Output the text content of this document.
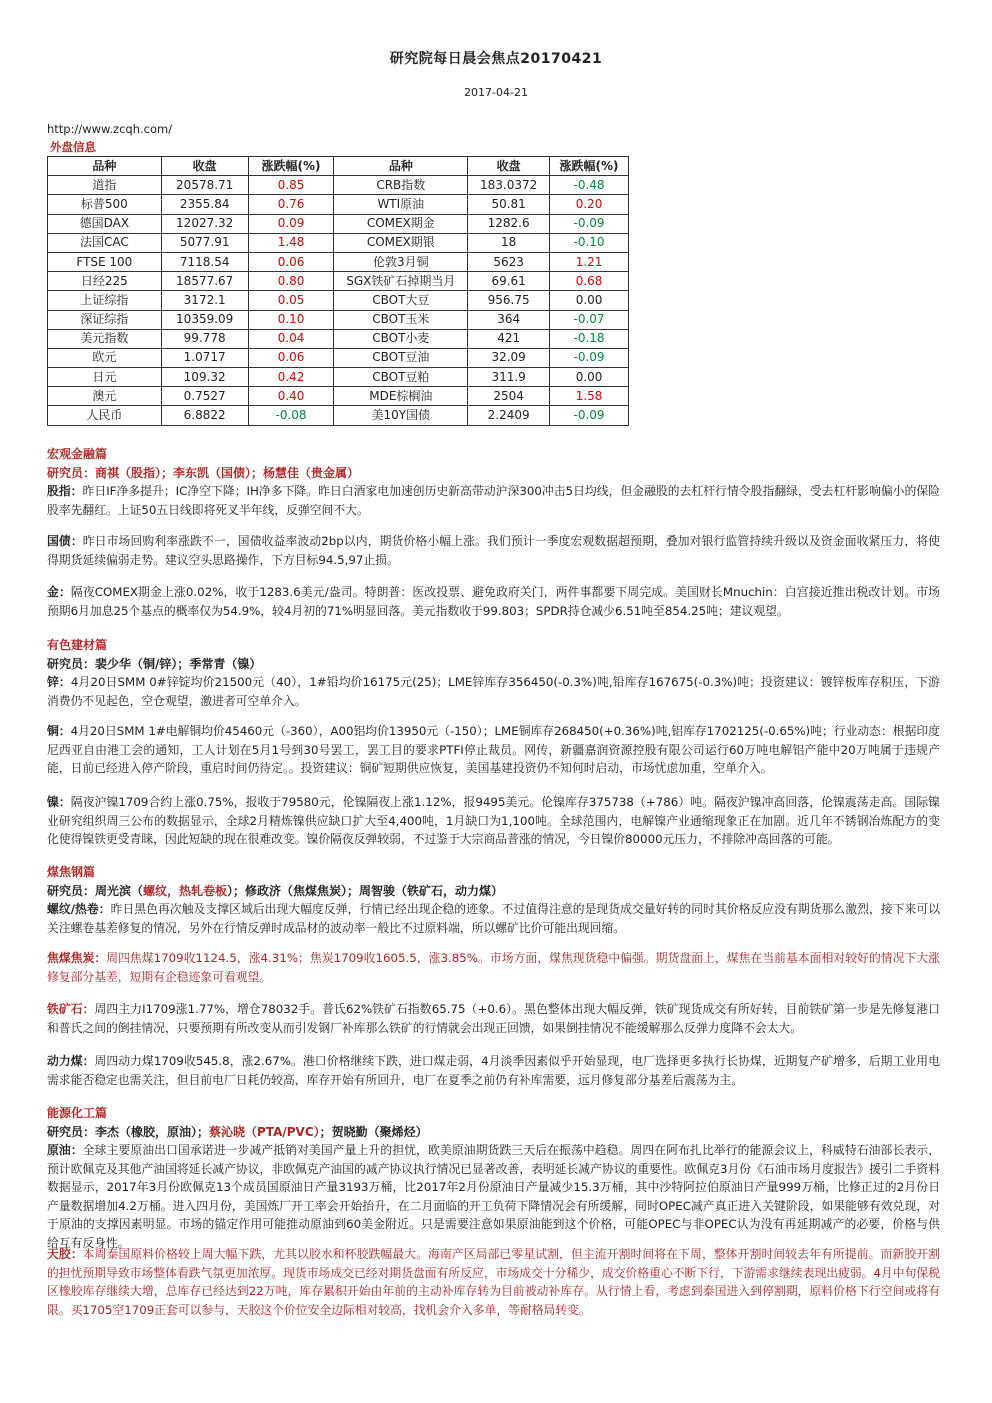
研究院每日晨会焦点20170421
2017-04-21
http://www.zcqh.com/
外盘信息
品种	收盘	涨跌幅(%)	品种	收盘	涨跌幅(%)
道指	20578.71	0.85	CRB指数	183.0372	-0.48
标普500	2355.84	0.76	WTI原油	50.81	0.20
德国DAX	12027.32	0.09	COMEX期金	1282.6	-0.09
法国CAC	5077.91	1.48	COMEX期银	18	-0.10
FTSE 100	7118.54	0.06	伦敦3月铜	5623	1.21
日经225	18577.67	0.80	SGX铁矿石掉期当月	69.61	0.68
上证综指	3172.1	0.05	CBOT大豆	956.75	0.00
深证综指	10359.09	0.10	CBOT玉米	364	-0.07
美元指数	99.778	0.04	CBOT小麦	421	-0.18
欧元	1.0717	0.06	CBOT豆油	32.09	-0.09
日元	109.32	0.42	CBOT豆粕	311.9	0.00
澳元	0.7527	0.40	MDE棕榈油	2504	1.58
人民币	6.8822	-0.08	美10Y国债	2.2409	-0.09
宏观金融篇
研究员：商祺（股指）；李东凯（国债）；杨慧佳（贵金属）
股指：昨日IF净多提升；IC净空下降；IH净多下降。昨日白酒家电加速创历史新高带动沪深300冲击5日均线，但金融股的去杠杆行情令股指翻绿，受去杠杆影响偏小的保险股率先翻红。上证50五日线即将死叉半年线，反弹空间不大。
国债：昨日市场回购利率涨跌不一，国债收益率波动2bp以内，期货价格小幅上涨。我们预计一季度宏观数据超预期，叠加对银行监管持续升级以及资金面收紧压力，将使得期货延续偏弱走势。建议空头思路操作，下方目标94.5,97止损。
金：隔夜COMEX期金上涨0.02%，收于1283.6美元/盎司。特朗普：医改投票、避免政府关门，两件事都要下周完成。美国财长Mnuchin：白宫接近推出税改计划。市场预期6月加息25个基点的概率仅为54.9%，较4月初的71%明显回落。美元指数收于99.803；SPDR持仓减少6.51吨至854.25吨；建议观望。
有色建材篇
研究员：裴少华（铜/锌）；季常青（镍）
锌：4月20日SMM 0#锌锭均价21500元（40），1#铅均价16175元(25)；LME锌库存356450(-0.3%)吨,铅库存167675(-0.3%)吨；投资建议：镀锌板库存积压，下游消费仍不见起色，空仓观望，激进者可空单介入。
铜：4月20日SMM 1#电解铜均价45460元（-360），A00铝均价13950元（-150）；LME铜库存268450(+0.36%)吨,铝库存1702125(-0.65%)吨；行业动态：根据印度尼西亚自由港工会的通知，工人计划在5月1号到30号罢工，罢工目的要求PTFI停止裁员。网传，新疆嘉润资源控股有限公司运行60万吨电解铝产能中20万吨属于违规产能，日前已经进入停产阶段，重启时间仍待定。。投资建议：铜矿短期供应恢复，美国基建投资仍不知何时启动，市场忧虑加重，空单介入。
镍：隔夜沪镍1709合约上涨0.75%，报收于79580元，伦镍隔夜上涨1.12%，报9495美元。伦镍库存375738（+786）吨。隔夜沪镍冲高回落，伦镍震荡走高。国际镍业研究组织周三公布的数据显示，全球2月精炼镍供应缺口扩大至4,400吨，1月缺口为1,100吨。全球范围内，电解镍产业通缩现象正在加剧。近几年不锈钢冶炼配方的变化使得镍铁更受青睐，因此短缺的现在很难改变。镍价隔夜反弹较弱，不过鉴于大宗商品普涨的情况，今日镍价80000元压力，不排除冲高回落的可能。
煤焦钢篇
研究员：周光滨（螺纹，热轧卷板）；修政济（焦煤焦炭）；周智骏（铁矿石，动力煤）
螺纹/热卷：昨日黑色再次触及支撑区域后出现大幅度反弹，行情已经出现企稳的迹象。不过值得注意的是现货成交量好转的同时其价格反应没有期货那么激烈，接下来可以关注螺卷基差修复的情况，另外在行情反弹时成品材的波动率一般比不过原料端，所以螺矿比价可能出现回缩。
焦煤焦炭：周四焦煤1709收1124.5，涨4.31%；焦炭1709收1605.5，涨3.85%。市场方面，煤焦现货稳中偏强。期货盘面上，煤焦在当前基本面相对较好的情况下大涨修复部分基差，短期有企稳迹象可看观望。
铁矿石：周四主力I1709涨1.77%，增仓78032手。普氏62%铁矿石指数65.75（+0.6）。黑色整体出现大幅反弹，铁矿现货成交有所好转，目前铁矿第一步是先修复港口和普氏之间的倒挂情况，只要预期有所改变从而引发钢厂补库那么铁矿的行情就会出现正回馈，如果倒挂情况不能缓解那么反弹力度降不会太大。
动力煤：周四动力煤1709收545.8，涨2.67%。港口价格继续下跌，进口煤走弱，4月淡季因素似乎开始显现，电厂选择更多执行长协煤，近期复产矿增多，后期工业用电需求能否稳定也需关注，但目前电厂日耗仍较高，库存开始有所回升，电厂在夏季之前仍有补库需要，远月修复部分基差后震荡为主。
能源化工篇
研究员：李杰（橡胶，原油）；蔡沁晓（PTA/PVC）；贺晓勤（聚烯烃）
原油：全球主要原油出口国承诺进一步减产抵销对美国产量上升的担忧，欧美原油期货跌三天后在振荡中趋稳。周四在阿布扎比举行的能源会议上，科威特石油部长表示，预计欧佩克及其他产油国将延长减产协议，非欧佩克产油国的减产协议执行情况已显著改善，表明延长减产协议的重要性。欧佩克3月份《石油市场月度报告》援引二手资料数据显示，2017年3月份欧佩克13个成员国原油日产量3193万桶，比2017年2月份原油日产量减少15.3万桶，其中沙特阿拉伯原油日产量999万桶，比修正过的2月份日产量数据增加4.2万桶。进入四月份，美国炼厂开工率会开始抬升，在二月面临的开工负荷下降情况会有所缓解，同时OPEC减产真正进入关键阶段，如果能够有效兑现，对于原油的支撑因素明显。市场的锚定作用可能推动原油到60美金附近。只是需要注意如果原油能到这个价格，可能OPEC与非OPEC认为没有再延期减产的必要，价格与供给互有反身性。
天胶：本周泰国原料价格较上周大幅下跌，尤其以胶水和杯胶跌幅最大。海南产区局部已零星试割，但主流开割时间将在下周，整体开割时间较去年有所提前。而新胶开割的担忧预期导致市场整体看跌气氛更加浓厚。现货市场成交已经对期货盘面有所反应，市场成交十分稀少，成交价格重心不断下行，下游需求继续表现出疲弱。4月中旬保税区橡胶库存继续大增，总库存已经达到22万吨，库存累积开始由年前的主动补库存转为目前被动补库存。从行情上看，考虑到泰国进入到停割期，原料价格下行空间或将有限。买1705空1709正套可以参与，天胶这个价位安全边际相对较高，找机会介入多单，等耐格局转变。
